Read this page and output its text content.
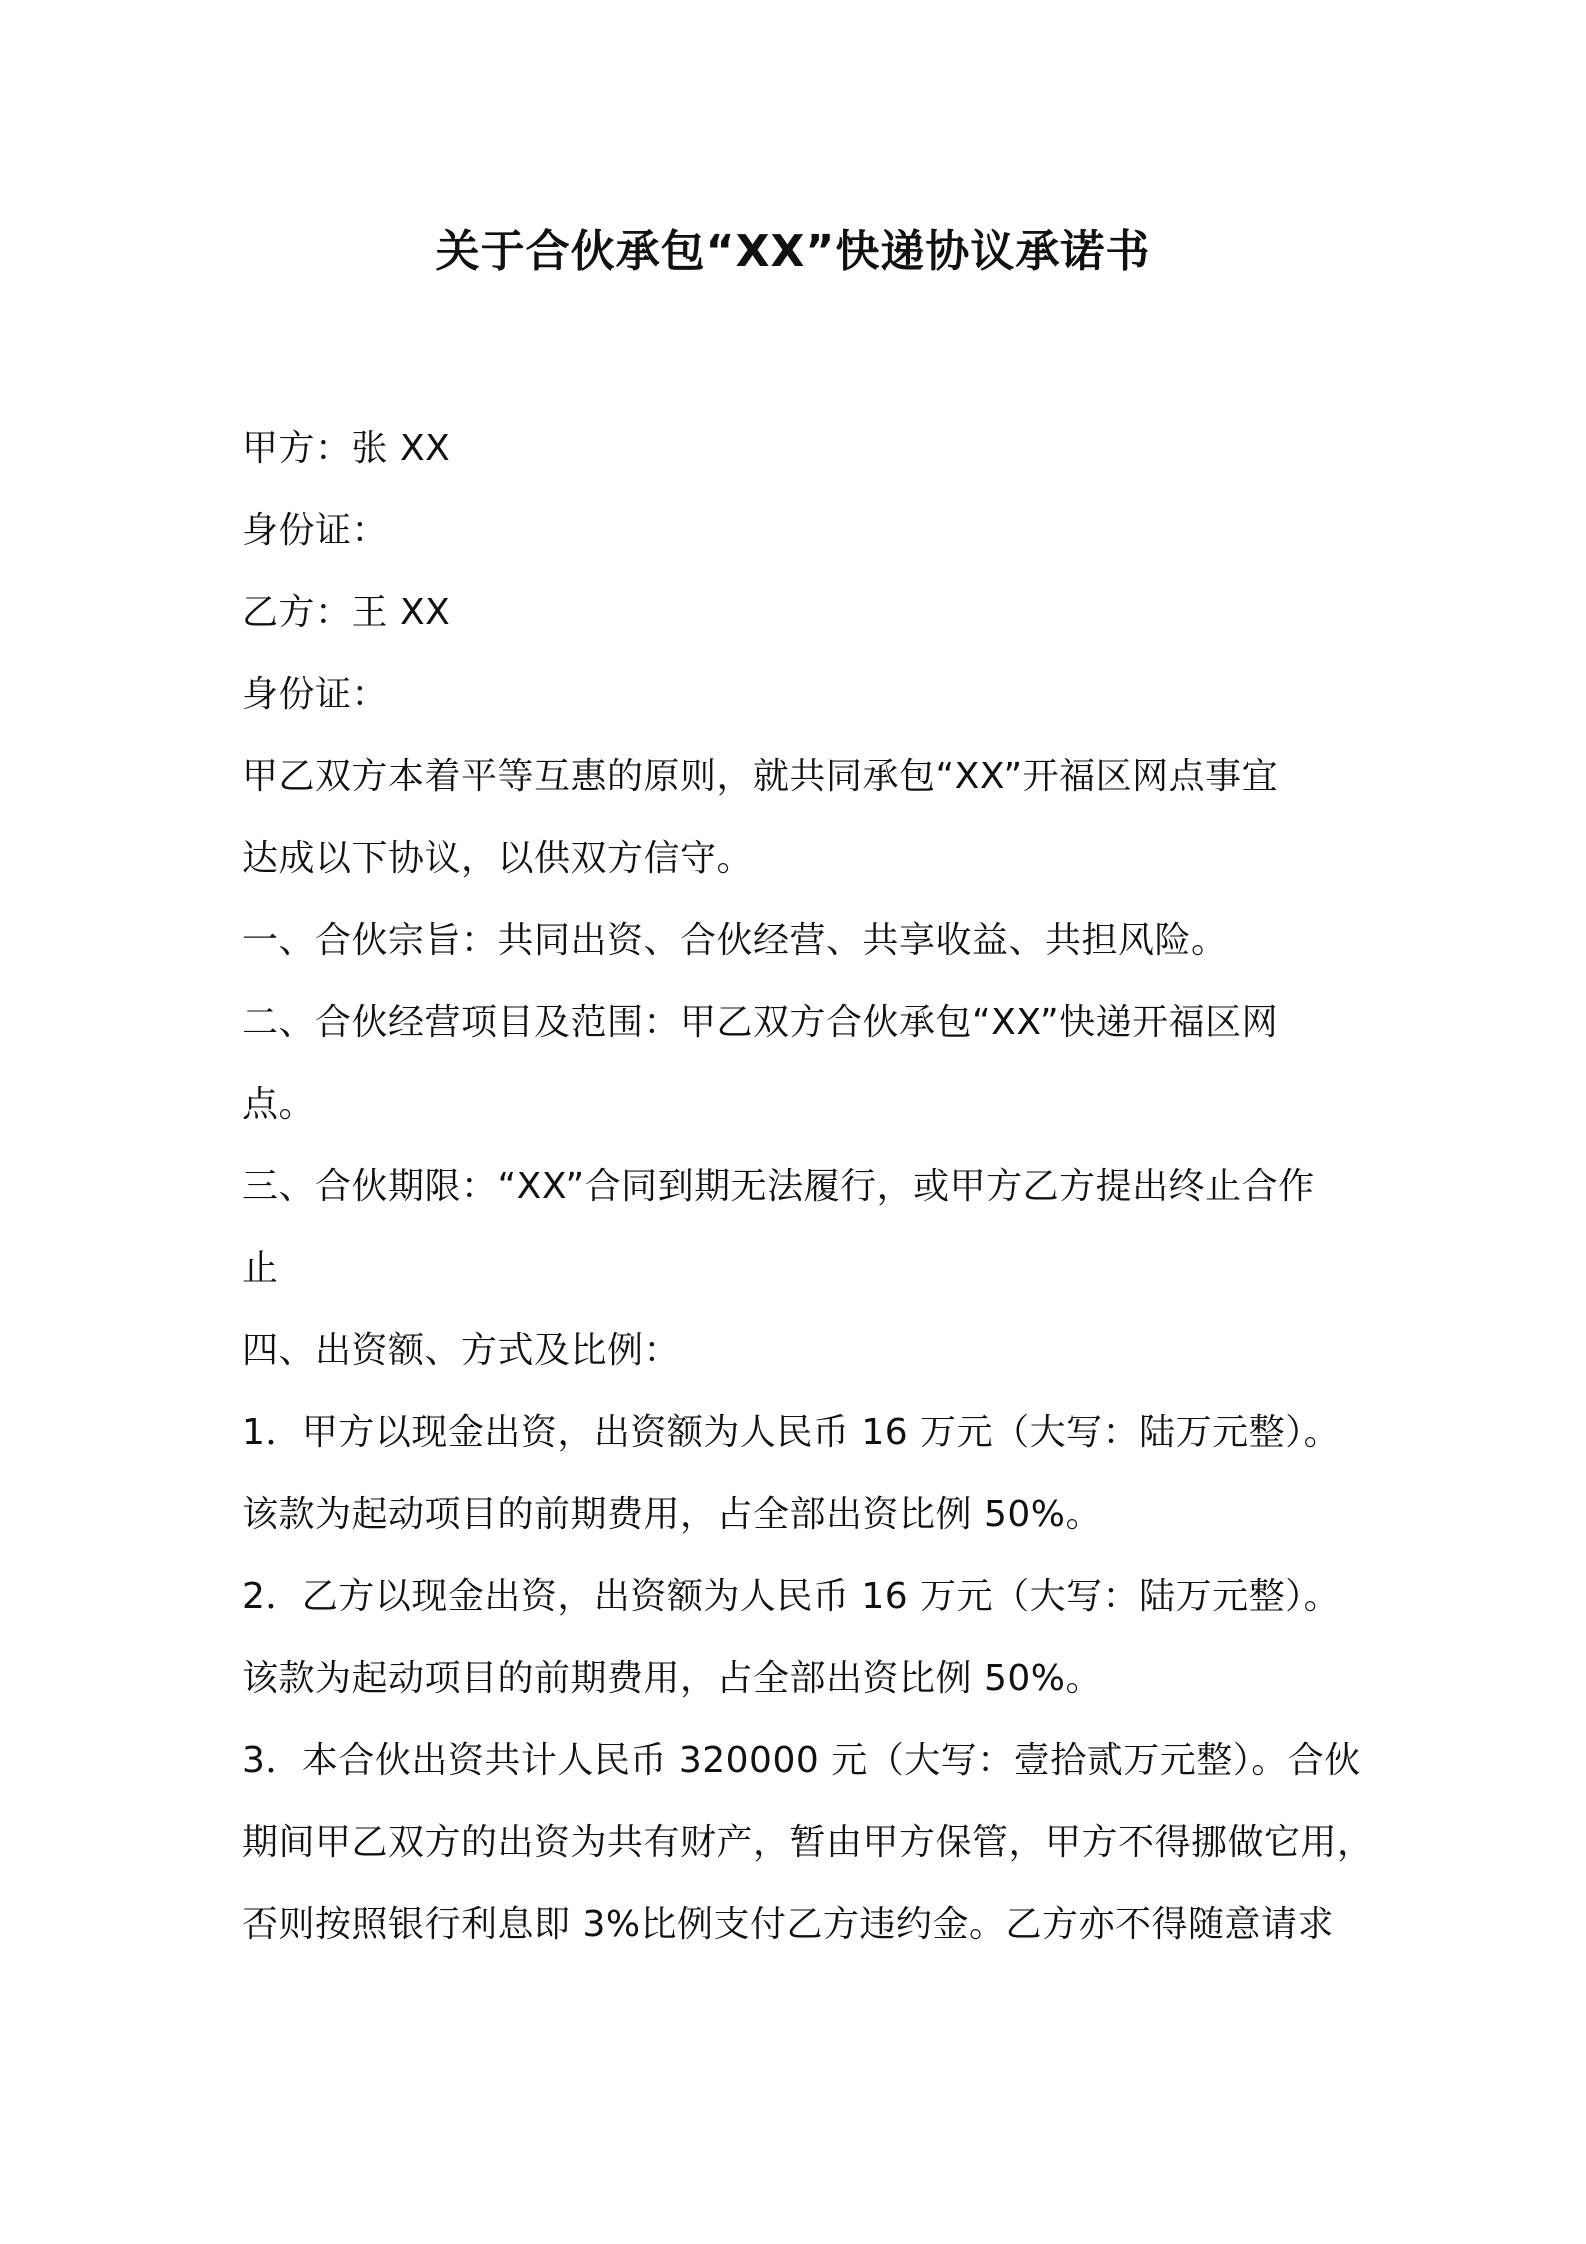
关于合伙承包“XX”快递协议承诺书
甲方：张 XX
身份证：
乙方：王 XX
身份证：
甲乙双方本着平等互惠的原则，就共同承包“XX”开福区网点事宜
达成以下协议，以供双方信守。
一、合伙宗旨：共同出资、合伙经营、共享收益、共担风险。
二、合伙经营项目及范围：甲乙双方合伙承包“XX”快递开福区网
点。
三、合伙期限：“XX”合同到期无法履行，或甲方乙方提出终止合作
止
四、出资额、方式及比例：
1．甲方以现金出资，出资额为人民币 16 万元（大写：陆万元整）。
该款为起动项目的前期费用，占全部出资比例 50%。
2．乙方以现金出资，出资额为人民币 16 万元（大写：陆万元整）。
该款为起动项目的前期费用，占全部出资比例 50%。
3．本合伙出资共计人民币 320000 元（大写：壹拾贰万元整）。合伙
期间甲乙双方的出资为共有财产，暂由甲方保管，甲方不得挪做它用，
否则按照银行利息即 3%比例支付乙方违约金。乙方亦不得随意请求
